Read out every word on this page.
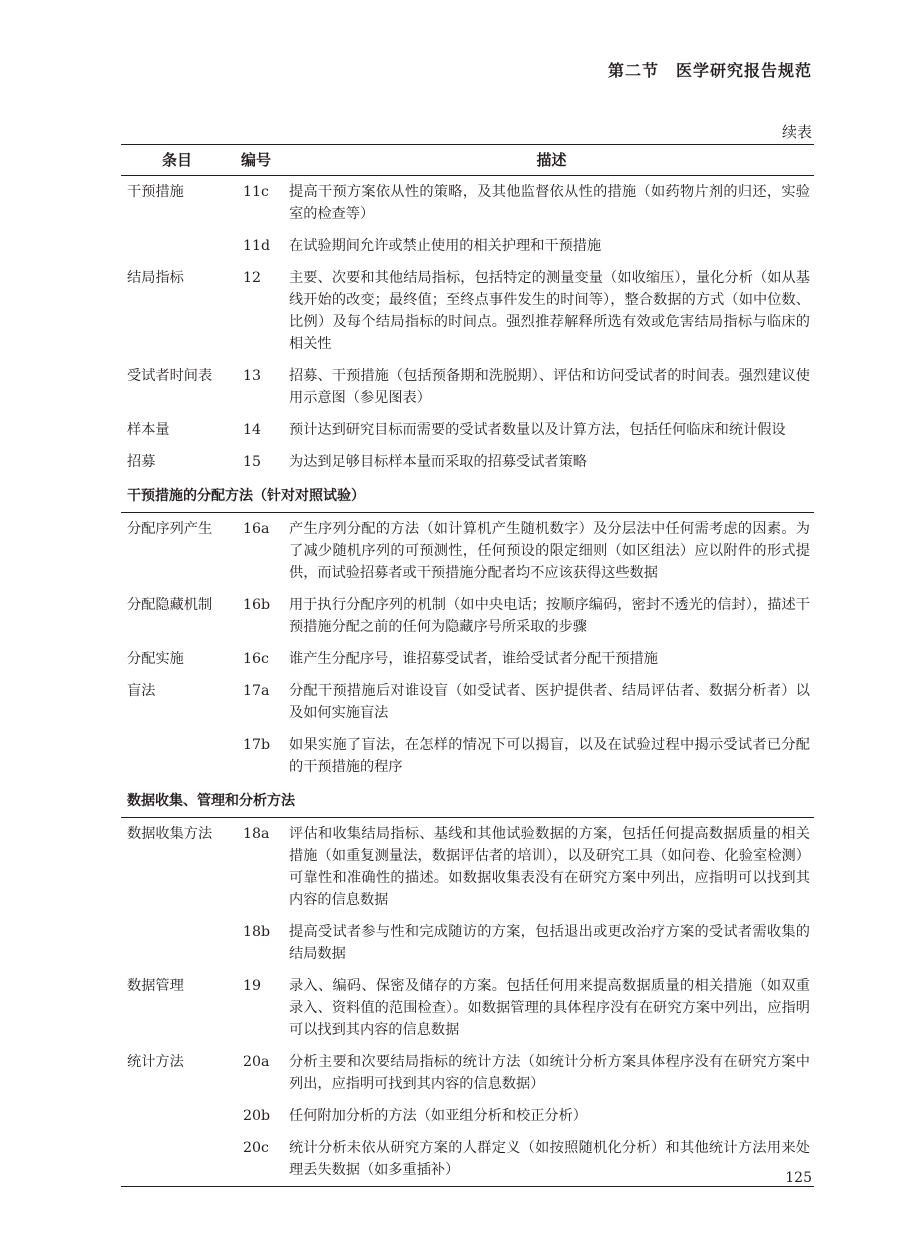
第二节　医学研究报告规范
续表
条目	编号	描述
干预措施	11c	提高干预方案依从性的策略，及其他监督依从性的措施（如药物片剂的归还，实验室的检查等）
	11d	在试验期间允许或禁止使用的相关护理和干预措施
结局指标	12	主要、次要和其他结局指标，包括特定的测量变量（如收缩压），量化分析（如从基线开始的改变；最终值；至终点事件发生的时间等），整合数据的方式（如中位数、比例）及每个结局指标的时间点。强烈推荐解释所选有效或危害结局指标与临床的相关性
受试者时间表	13	招募、干预措施（包括预备期和洗脱期）、评估和访问受试者的时间表。强烈建议使用示意图（参见图表）
样本量	14	预计达到研究目标而需要的受试者数量以及计算方法，包括任何临床和统计假设
招募	15	为达到足够目标样本量而采取的招募受试者策略
干预措施的分配方法（针对对照试验）		
分配序列产生	16a	产生序列分配的方法（如计算机产生随机数字）及分层法中任何需考虑的因素。为了减少随机序列的可预测性，任何预设的限定细则（如区组法）应以附件的形式提供，而试验招募者或干预措施分配者均不应该获得这些数据
分配隐藏机制	16b	用于执行分配序列的机制（如中央电话；按顺序编码，密封不透光的信封），描述干预措施分配之前的任何为隐藏序号所采取的步骤
分配实施	16c	谁产生分配序号，谁招募受试者，谁给受试者分配干预措施
盲法	17a	分配干预措施后对谁设盲（如受试者、医护提供者、结局评估者、数据分析者）以及如何实施盲法
	17b	如果实施了盲法，在怎样的情况下可以揭盲，以及在试验过程中揭示受试者已分配的干预措施的程序
数据收集、管理和分析方法		
数据收集方法	18a	评估和收集结局指标、基线和其他试验数据的方案，包括任何提高数据质量的相关措施（如重复测量法，数据评估者的培训），以及研究工具（如问卷、化验室检测）可靠性和准确性的描述。如数据收集表没有在研究方案中列出，应指明可以找到其内容的信息数据
	18b	提高受试者参与性和完成随访的方案，包括退出或更改治疗方案的受试者需收集的结局数据
数据管理	19	录入、编码、保密及储存的方案。包括任何用来提高数据质量的相关措施（如双重录入、资料值的范围检查）。如数据管理的具体程序没有在研究方案中列出，应指明可以找到其内容的信息数据
统计方法	20a	分析主要和次要结局指标的统计方法（如统计分析方案具体程序没有在研究方案中列出，应指明可找到其内容的信息数据）
	20b	任何附加分析的方法（如亚组分析和校正分析）
	20c	统计分析未依从研究方案的人群定义（如按照随机化分析）和其他统计方法用来处理丢失数据（如多重插补）	125
